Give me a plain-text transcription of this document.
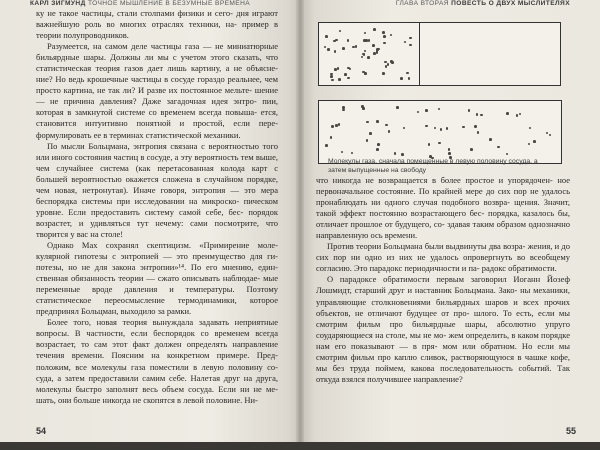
КАРЛ ЗИГМУНД ТОЧНОЕ МЫШЛЕНИЕ В БЕЗУМНЫЕ ВРЕМЕНА

ку не такое частицы, стали столпами физики и сего- дня играют важнейшую роль во многих отраслях техники, на- пример в теории полупроводников.

Разумеется, на самом деле частицы газа — не миниатюрные бильярдные шары. Должны ли мы с учетом этого сказать, что статистическая теория газов дает лишь картину, а не объясне- ние? Но ведь крошечные частицы в сосуде гораздо реальнее, чем просто картина, не так ли? И разве их постоянное мельте- шение — не причина давления? Даже загадочная идея энтро- пии, которая в замкнутой системе со временем всегда повыша- ется, становится интуитивно понятной и простой, если пере- формулировать ее в терминах статистической механики.

По мысли Больцмана, энтропия связана с вероятностью того или иного состояния частиц в сосуде, а эту вероятность тем выше, чем случайнее система (как перетасованная колода карт с большей вероятностью окажется сложена в случайном порядке, чем новая, нетронутая). Иначе говоря, энтропия — это мера беспорядка системы при исследовании на микроско- пическом уровне. Если предоставить систему самой себе, бес- порядок возрастет, и удивляться тут нечему: сами посмотрите, что творится у вас на столе!

Однако Мах сохранял скептицизм. «Примирение моле- кулярной гипотезы с энтропией — это преимущество для ги- потезы, но не для закона энтропии»¹⁴. По его мнению, един- ственная обязанность теории — сжато описывать наблюдае- мые переменные вроде давления и температуры. Поэтому статистическое переосмысление термодинамики, которое предпринял Больцман, выходило за рамки.

Более того, новая теория вынуждала задавать неприятные вопросы. В частности, если беспорядок со временем всегда возрастает, то сам этот факт должен определять направление течения времени. Поясним на конкретном примере. Пред- положим, все молекулы газа поместили в левую половину со- суда, а затем предоставили самим себе. Налетая друг на друга, молекулы быстро заполнят весь объем сосуда. Если ни не ме- шать, они больше никогда не скопятся в левой половине. Ни-

54
ГЛАВА ВТОРАЯ ПОВЕСТЬ О ДВУХ МЫСЛИТЕЛЯХ
Молекулы газа, сначала помещенные в левую половину сосуда, а затем выпущенные на свободу

что никогда не возвращается в более простое и упорядочен- ное первоначальное состояние. По крайней мере до сих пор не удалось пронаблюдать ни одного случая подобного возвра- щения. Значит, такой эффект постоянно возрастающего бес- порядка, казалось бы, отличает прошлое от будущего, со- здавая таким образом однозначно направленную ось времени.

Против теории Больцмана были выдвинуты два возра- жения, и до сих пор ни одно из них не удалось опровергнуть во всеобщему согласию. Это парадокс периодичности и па- радокс обратимости.

О парадоксе обратимости первым заговорил Иоганн Йозеф Лошмидт, старший друг и наставник Больцмана. Зако- ны механики, управляющие столкновениями бильярдных шаров и всех прочих объектов, не отличают будущее от про- шлого. То есть, если мы смотрим фильм про бильярдные шары, абсолютно упруго соударяющиеся на столе, мы не мо- жем определить, в каком порядке нам его показывают — в пря- мом или обратном. Но если мы смотрим фильм про каплю сливок, растворяющуюся в чашке кофе, мы без труда поймем, какова последовательность событий. Так откуда взялся получившее направление?

55
